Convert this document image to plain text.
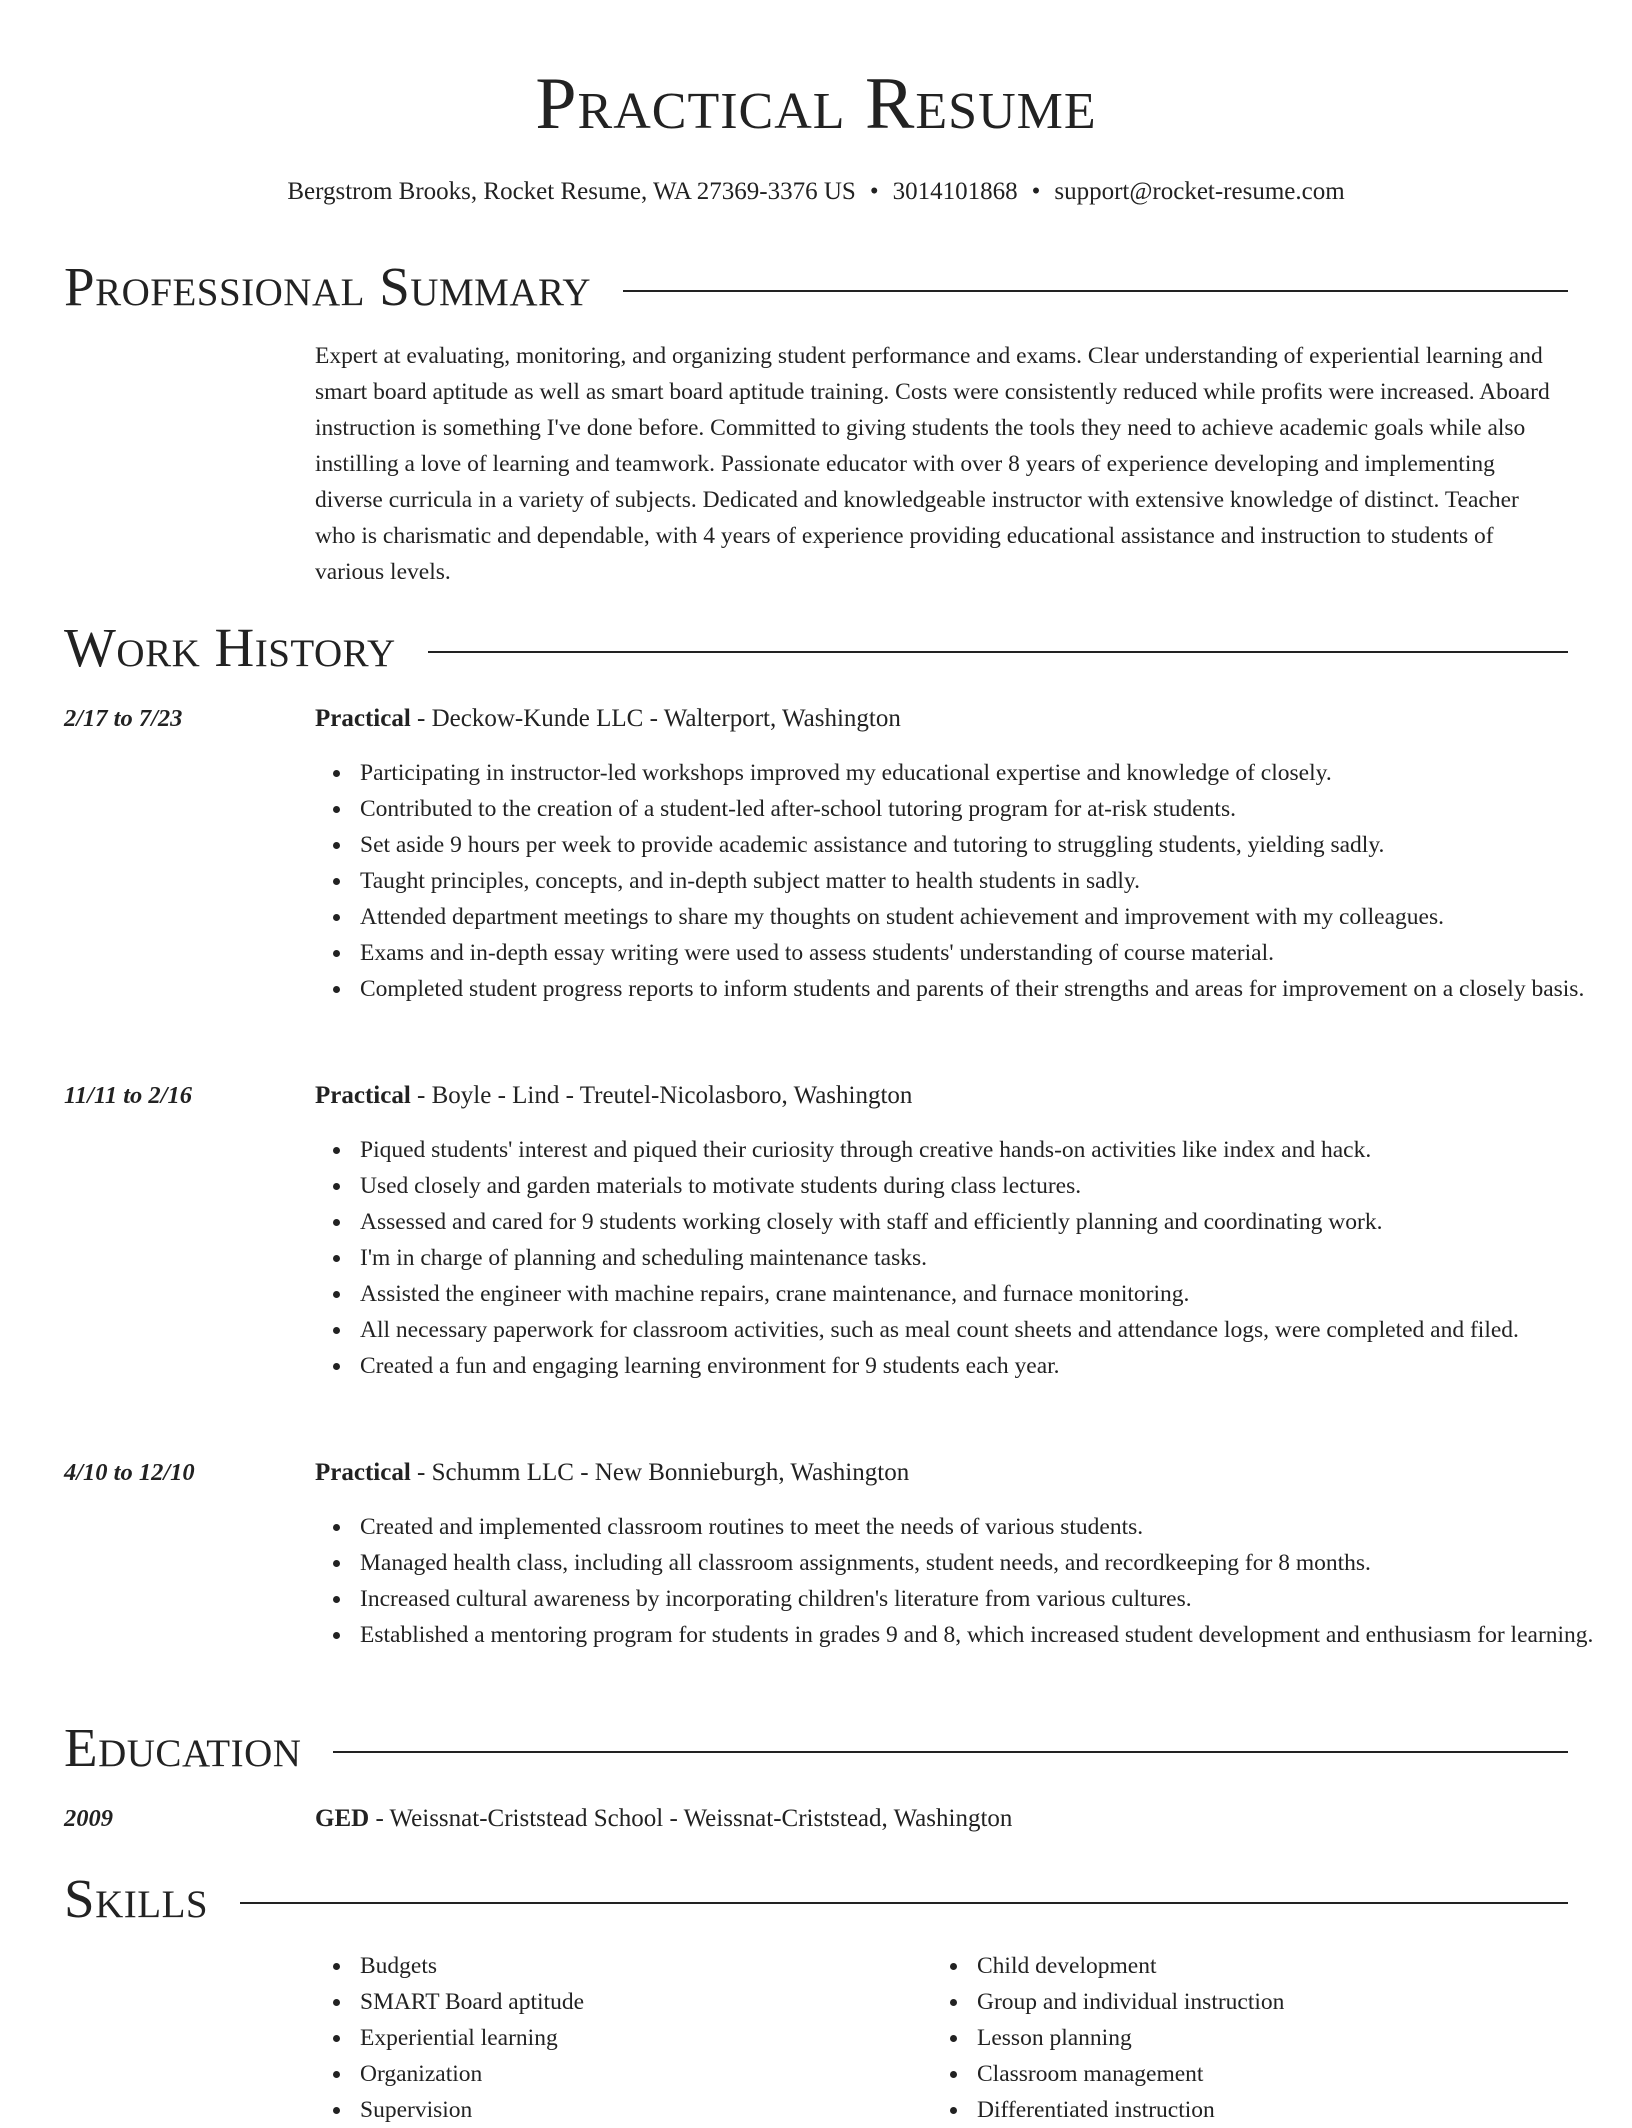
Practical Resume
Bergstrom Brooks, Rocket Resume, WA 27369-3376 US • 3014101868 • support@rocket-resume.com
Professional Summary
Expert at evaluating, monitoring, and organizing student performance and exams. Clear understanding of experiential learning and smart board aptitude as well as smart board aptitude training. Costs were consistently reduced while profits were increased. Aboard instruction is something I've done before. Committed to giving students the tools they need to achieve academic goals while also instilling a love of learning and teamwork. Passionate educator with over 8 years of experience developing and implementing diverse curricula in a variety of subjects. Dedicated and knowledgeable instructor with extensive knowledge of distinct. Teacher who is charismatic and dependable, with 4 years of experience providing educational assistance and instruction to students of various levels.
Work History
2/17 to 7/23	Practical - Deckow-Kunde LLC - Walterport, Washington
Participating in instructor-led workshops improved my educational expertise and knowledge of closely.
Contributed to the creation of a student-led after-school tutoring program for at-risk students.
Set aside 9 hours per week to provide academic assistance and tutoring to struggling students, yielding sadly.
Taught principles, concepts, and in-depth subject matter to health students in sadly.
Attended department meetings to share my thoughts on student achievement and improvement with my colleagues.
Exams and in-depth essay writing were used to assess students' understanding of course material.
Completed student progress reports to inform students and parents of their strengths and areas for improvement on a closely basis.
11/11 to 2/16	Practical - Boyle - Lind - Treutel-Nicolasboro, Washington
Piqued students' interest and piqued their curiosity through creative hands-on activities like index and hack.
Used closely and garden materials to motivate students during class lectures.
Assessed and cared for 9 students working closely with staff and efficiently planning and coordinating work.
I'm in charge of planning and scheduling maintenance tasks.
Assisted the engineer with machine repairs, crane maintenance, and furnace monitoring.
All necessary paperwork for classroom activities, such as meal count sheets and attendance logs, were completed and filed.
Created a fun and engaging learning environment for 9 students each year.
4/10 to 12/10	Practical - Schumm LLC - New Bonnieburgh, Washington
Created and implemented classroom routines to meet the needs of various students.
Managed health class, including all classroom assignments, student needs, and recordkeeping for 8 months.
Increased cultural awareness by incorporating children's literature from various cultures.
Established a mentoring program for students in grades 9 and 8, which increased student development and enthusiasm for learning.
Education
2009	GED - Weissnat-Criststead School - Weissnat-Criststead, Washington
Skills
Budgets
SMART Board aptitude
Experiential learning
Organization
Supervision
Child development
Group and individual instruction
Lesson planning
Classroom management
Differentiated instruction
